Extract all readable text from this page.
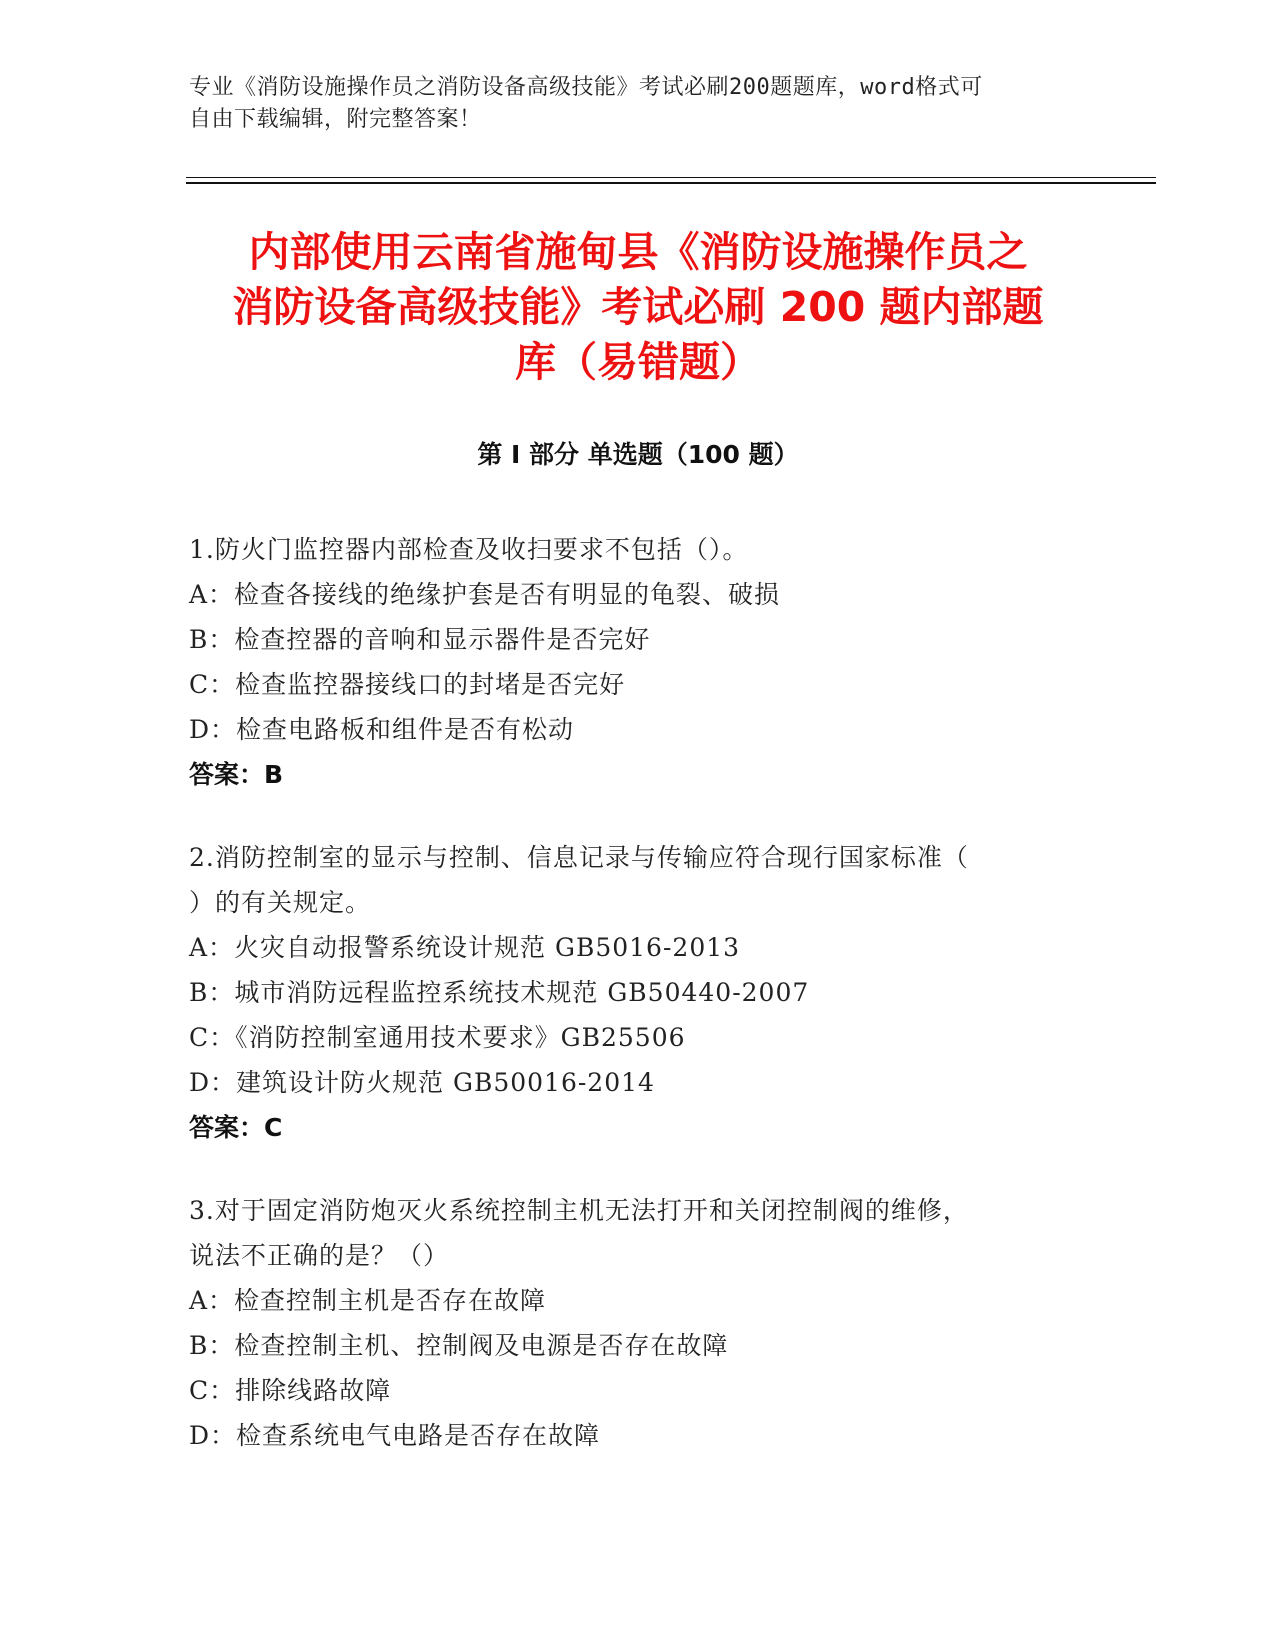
专业《消防设施操作员之消防设备高级技能》考试必刷200题题库，word格式可
自由下载编辑，附完整答案！
内部使用云南省施甸县《消防设施操作员之
消防设备高级技能》考试必刷 200 题内部题
库（易错题）
第 I 部分 单选题（100 题）

1.防火门监控器内部检查及收扫要求不包括（）。

A：检查各接线的绝缘护套是否有明显的龟裂、破损

B：检查控器的音响和显示器件是否完好

C：检查监控器接线口的封堵是否完好

D：检查电路板和组件是否有松动

答案：B

2.消防控制室的显示与控制、信息记录与传输应符合现行国家标准（

）的有关规定。

A：火灾自动报警系统设计规范 GB5016-2013

B：城市消防远程监控系统技术规范 GB50440-2007

C：《消防控制室通用技术要求》GB25506

D：建筑设计防火规范 GB50016-2014

答案：C

3.对于固定消防炮灭火系统控制主机无法打开和关闭控制阀的维修，

说法不正确的是？（）

A：检查控制主机是否存在故障

B：检查控制主机、控制阀及电源是否存在故障

C：排除线路故障

D：检查系统电气电路是否存在故障
